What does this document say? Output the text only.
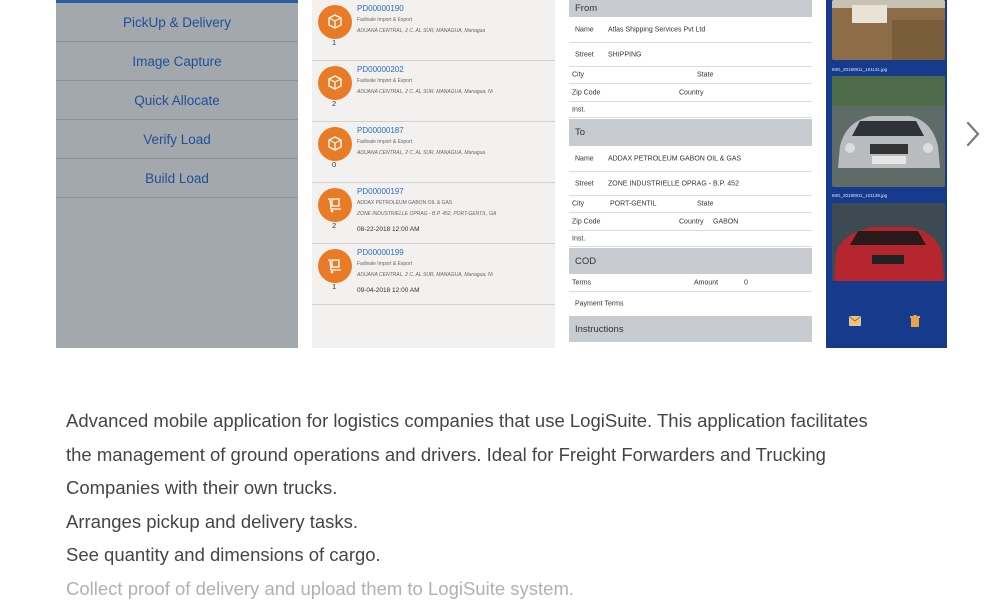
PickUp & Delivery
Image Capture
Quick Allocate
Verify Load
Build Load
1
PD00000190
Fadivale Import & Export
ADUANA CENTRAL, 2 C. AL SUR, MANAGUA, Managua
2
PD00000202
Fadivale Import & Export
ADUANA CENTRAL, 2 C. AL SUR, MANAGUA, Managua, Ni
0
PD00000187
Fadivale Import & Export
ADUANA CENTRAL, 2 C. AL SUR, MANAGUA, Managua
2
PD00000197
ADDAX PETROLEUM GABON OIL & GAS
ZONE INDUSTRIELLE OPRAG - B.P. 452, PORT-GENTIL, GA
08-22-2018 12:00 AM
1
PD00000199
Fadivale Import & Export
ADUANA CENTRAL, 2 C. AL SUR, MANAGUA, Managua, Ni
09-04-2018 12:00 AM
From
Name Atlas Shipping Services Pvt Ltd
Street SHIPPING
City	State
Zip Code	Country
Inst.
To
Name ADDAX PETROLEUM GABON OIL & GAS
Street ZONE INDUSTRIELLE OPRAG - B.P. 452
City	PORT-GENTIL	State
Zip Code	Country GABON
Inst.
COD
Terms	Amount	0
Payment Terms
Instructions
IMG_20180911_101131.jpg
IMG_20180911_101139.jpg

Advanced mobile application for logistics companies that use LogiSuite. This application facilitates

the management of ground operations and drivers. Ideal for Freight Forwarders and Trucking

Companies with their own trucks.

Arranges pickup and delivery tasks.

See quantity and dimensions of cargo.

Collect proof of delivery and upload them to LogiSuite system.
